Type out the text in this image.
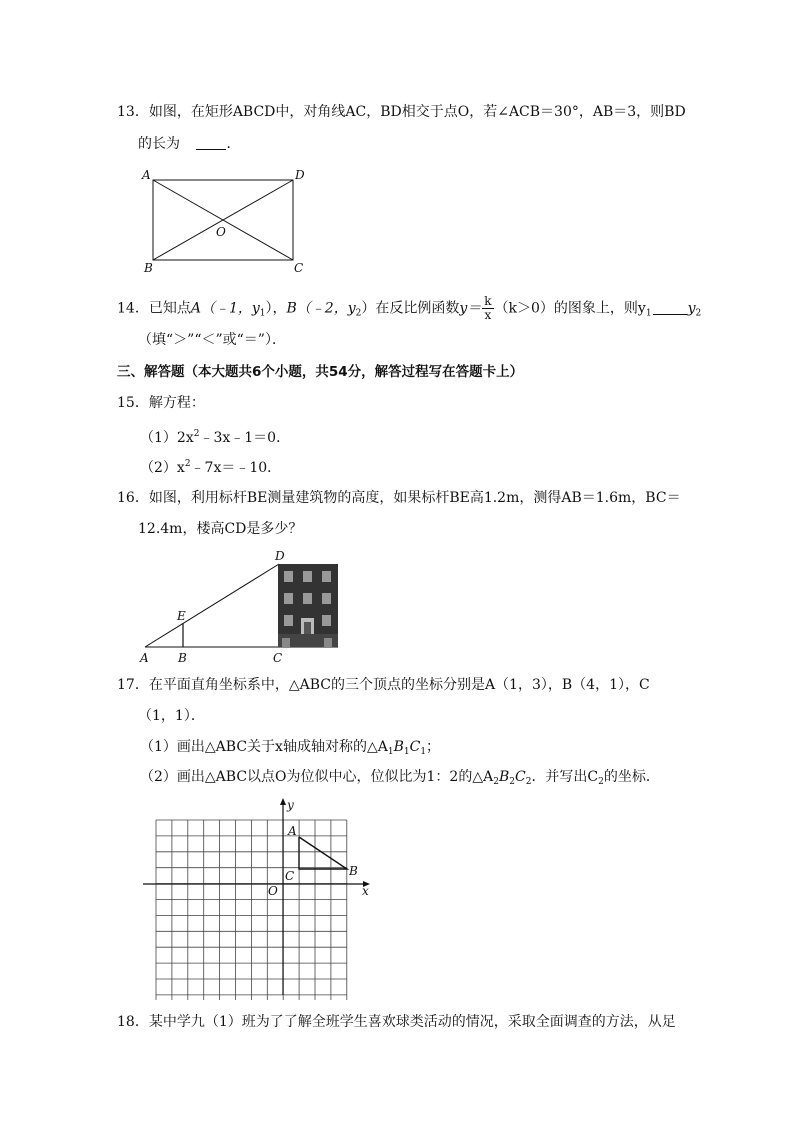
13．如图，在矩形ABCD中，对角线AC，BD相交于点O，若∠ACB＝30°，AB＝3，则BD
的长为	．
A	D
B	C
O
14．已知点A（﹣1，$y_1$），B（﹣2，$y_2$）在反比例函数$y= \frac{k}{x} (k>0)$的图象上，则$y_1$	$y_2$
（填“＞”“＜”或“＝”）．
三、解答题（本大题共6个小题，共54分，解答过程写在答题卡上）
15．解方程：
$(1)2x^2﹣3x﹣1=0$．
$(2)x^2﹣7x=﹣10$．
16．如图，利用标杆BE测量建筑物的高度，如果标杆BE高1.2m，测得AB＝1.6m，BC＝
12.4m，楼高CD是多少？
A B	C
D
E
17．在平面直角坐标系中，△ABC的三个顶点的坐标分别是A（1，3），B（4，1），C
（1，1）．
（1）画出△ABC关于x轴成轴对称的$\triangle A_1B_1C_1$；
（2）画出△ABC以点O为位似中心，位似比为1：2的$\triangle A_2B_2C_2$．并写出$C_2$的坐标．
y
x
O
A
B
C
18．某中学九（1）班为了了解全班学生喜欢球类活动的情况，采取全面调查的方法，从足
